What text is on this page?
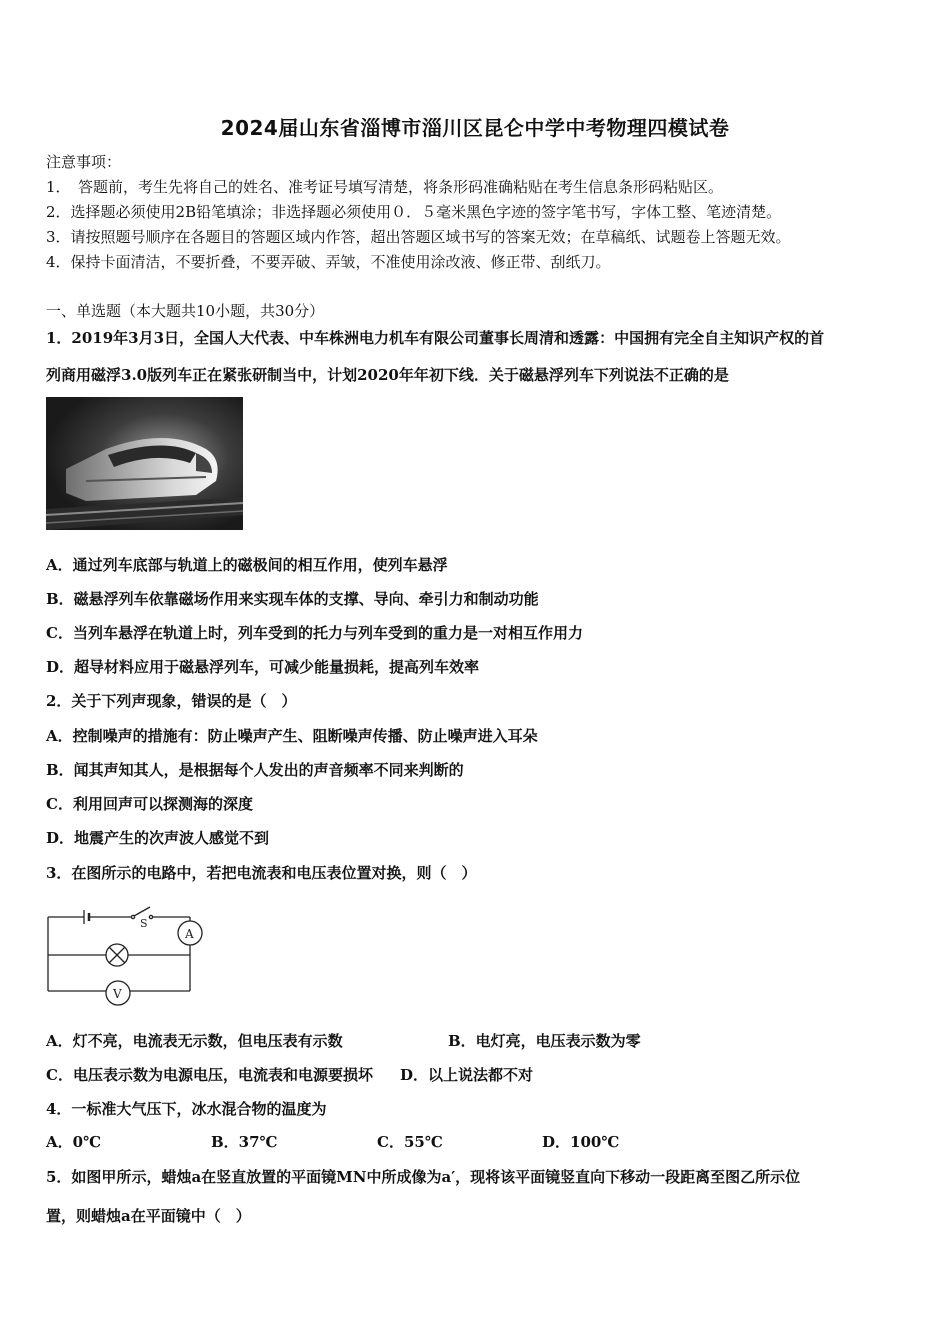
2024届山东省淄博市淄川区昆仑中学中考物理四模试卷
注意事项：
1．　答题前，考生先将自己的姓名、准考证号填写清楚，将条形码准确粘贴在考生信息条形码粘贴区。
2．选择题必须使用2B铅笔填涂；非选择题必须使用０．５毫米黑色字迹的签字笔书写，字体工整、笔迹清楚。
3．请按照题号顺序在各题目的答题区域内作答，超出答题区域书写的答案无效；在草稿纸、试题卷上答题无效。
4．保持卡面清洁，不要折叠，不要弄破、弄皱，不准使用涂改液、修正带、刮纸刀。
一、单选题（本大题共10小题，共30分）
1．2019年3月3日，全国人大代表、中车株洲电力机车有限公司董事长周清和透露：中国拥有完全自主知识产权的首
列商用磁浮3.0版列车正在紧张研制当中，计划2020年年初下线．关于磁悬浮列车下列说法不正确的是
A．通过列车底部与轨道上的磁极间的相互作用，使列车悬浮
B．磁悬浮列车依靠磁场作用来实现车体的支撑、导向、牵引力和制动功能
C．当列车悬浮在轨道上时，列车受到的托力与列车受到的重力是一对相互作用力
D．超导材料应用于磁悬浮列车，可减少能量损耗，提高列车效率
2．关于下列声现象，错误的是（　）
A．控制噪声的措施有：防止噪声产生、阻断噪声传播、防止噪声进入耳朵
B．闻其声知其人，是根据每个人发出的声音频率不同来判断的
C．利用回声可以探测海的深度
D．地震产生的次声波人感觉不到
3．在图所示的电路中，若把电流表和电压表位置对换，则（　）
S
A
V
A．灯不亮，电流表无示数，但电压表有示数	B．电灯亮，电压表示数为零
C．电压表示数为电源电压，电流表和电源要损坏 D．以上说法都不对
4．一标准大气压下，冰水混合物的温度为
A．0℃	B．37℃	C．55℃	D．100℃
5．如图甲所示，蜡烛a在竖直放置的平面镜MN中所成像为a′，现将该平面镜竖直向下移动一段距离至图乙所示位
置，则蜡烛a在平面镜中（　）
